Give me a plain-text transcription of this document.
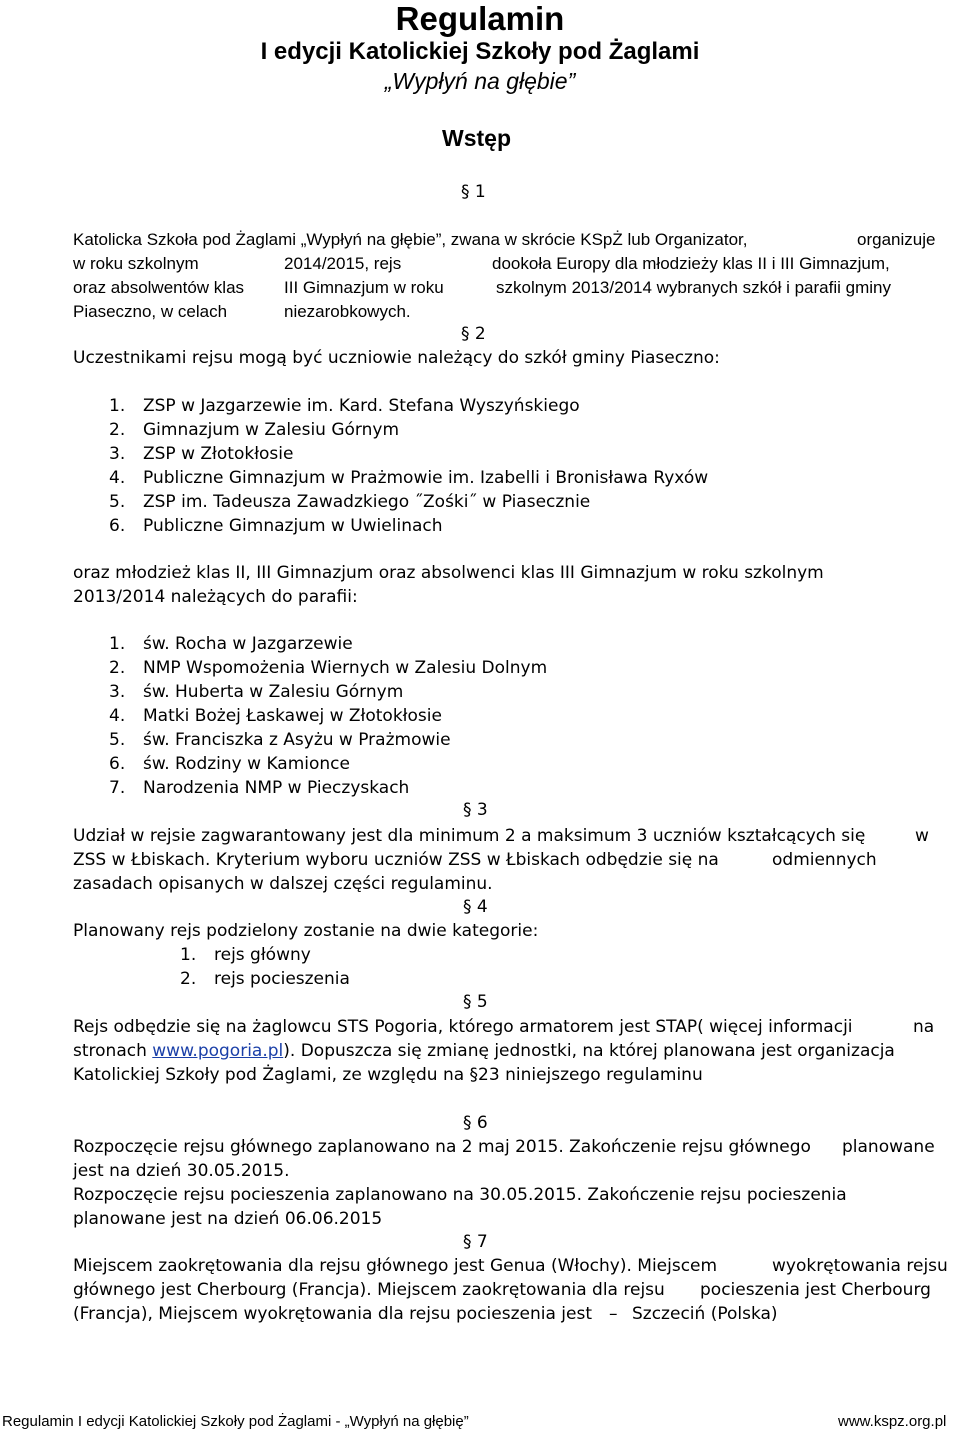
Regulamin
I edycji Katolickiej Szkoły pod Żaglami
„Wypłyń na głębie”
Wstęp
§ 1
Katolicka Szkoła pod Żaglami „Wypłyń na głębie”, zwana w skrócie KSpŻ lub Organizator,	organizuje
w roku szkolnym	2014/2015, rejs	dookoła Europy dla młodzieży klas II i III Gimnazjum,
oraz absolwentów klas III Gimnazjum w roku	szkolnym 2013/2014 wybranych szkół i parafii gminy
Piaseczno, w celach	niezarobkowych.
§ 2
Uczestnikami rejsu mogą być uczniowie należący do szkół gminy Piaseczno:
1. ZSP w Jazgarzewie im. Kard. Stefana Wyszyńskiego
2. Gimnazjum w Zalesiu Górnym
3. ZSP w Złotokłosie
4. Publiczne Gimnazjum w Prażmowie im. Izabelli i Bronisława Ryxów
5. ZSP im. Tadeusza Zawadzkiego ˝Zośki˝ w Piasecznie
6. Publiczne Gimnazjum w Uwielinach
oraz młodzież klas II, III Gimnazjum oraz absolwenci klas III Gimnazjum w roku szkolnym
2013/2014 należących do parafii:
1. św. Rocha w Jazgarzewie
2. NMP Wspomożenia Wiernych w Zalesiu Dolnym
3. św. Huberta w Zalesiu Górnym
4. Matki Bożej Łaskawej w Złotokłosie
5. św. Franciszka z Asyżu w Prażmowie
6. św. Rodziny w Kamionce
7. Narodzenia NMP w Pieczyskach
§ 3
Udział w rejsie zagwarantowany jest dla minimum 2 a maksimum 3 uczniów kształcących się	w
ZSS w Łbiskach. Kryterium wyboru uczniów ZSS w Łbiskach odbędzie się na	odmiennych
zasadach opisanych w dalszej części regulaminu.
§ 4
Planowany rejs podzielony zostanie na dwie kategorie:
1. rejs główny
2. rejs pocieszenia
§ 5
Rejs odbędzie się na żaglowcu STS Pogoria, którego armatorem jest STAP( więcej informacji	na
stronach www.pogoria.pl). Dopuszcza się zmianę jednostki, na której planowana jest organizacja
Katolickiej Szkoły pod Żaglami, ze względu na §23 niniejszego regulaminu
§ 6
Rozpoczęcie rejsu głównego zaplanowano na 2 maj 2015. Zakończenie rejsu głównego planowane
jest na dzień 30.05.2015.
Rozpoczęcie rejsu pocieszenia zaplanowano na 30.05.2015. Zakończenie rejsu pocieszenia
planowane jest na dzień 06.06.2015
§ 7
Miejscem zaokrętowania dla rejsu głównego jest Genua (Włochy). Miejscem	wyokrętowania rejsu
głównego jest Cherbourg (Francja). Miejscem zaokrętowania dla rejsu pocieszenia jest Cherbourg
(Francja), Miejscem wyokrętowania dla rejsu pocieszenia jest – Szczeciń (Polska)
Regulamin I edycji Katolickiej Szkoły pod Żaglami - „Wypłyń na głębię”	www.kspz.org.pl
